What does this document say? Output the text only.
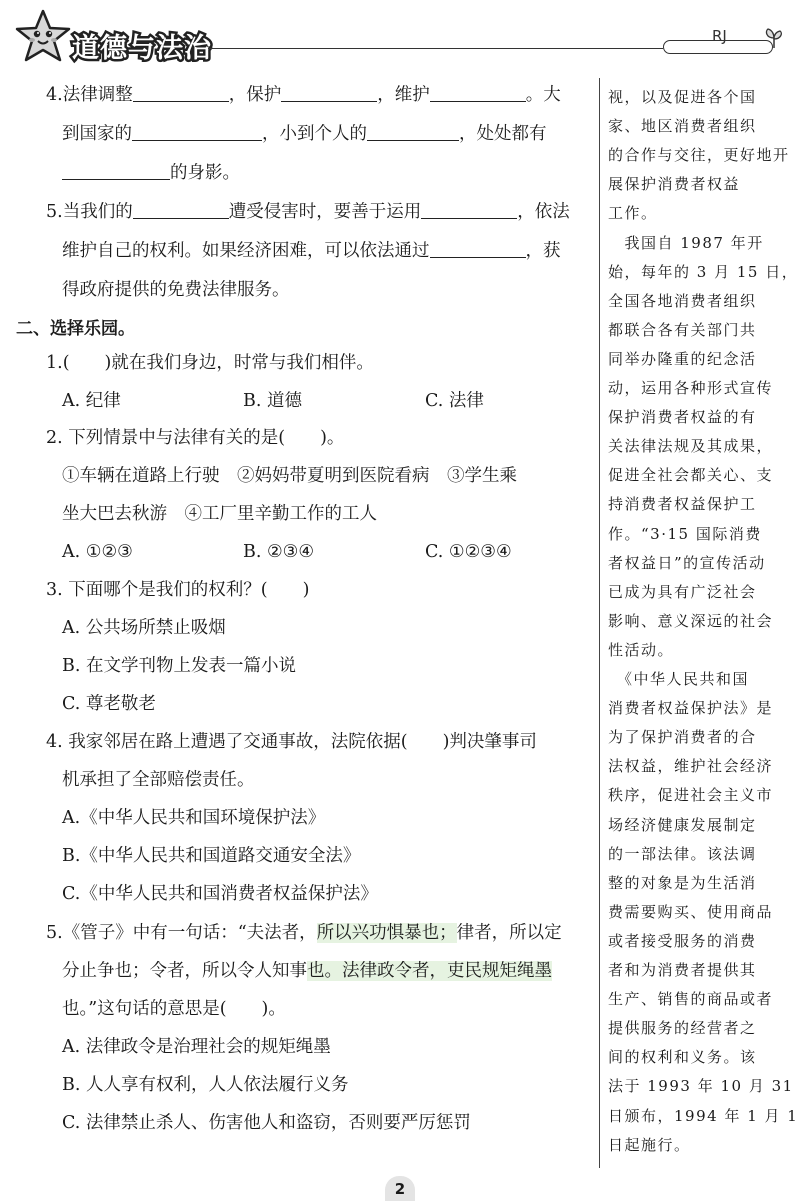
道德与法治	RJ
4.法律调整	，保护	，维护	。大
到国家的	，小到个人的	，处处都有
的身影。
5.当我们的	遭受侵害时，要善于运用	，依法
维护自己的权利。如果经济困难，可以依法通过	，获
得政府提供的免费法律服务。
二、选择乐园。
1.(　　)就在我们身边，时常与我们相伴。
A. 纪律	B. 道德	C. 法律
2. 下列情景中与法律有关的是(　　)。
①车辆在道路上行驶　②妈妈带夏明到医院看病　③学生乘
坐大巴去秋游　④工厂里辛勤工作的工人
A. ①②③	B. ②③④	C. ①②③④
3. 下面哪个是我们的权利？(　　)
A. 公共场所禁止吸烟
B. 在文学刊物上发表一篇小说
C. 尊老敬老
4. 我家邻居在路上遭遇了交通事故，法院依据(　　)判决肇事司
机承担了全部赔偿责任。
A.《中华人民共和国环境保护法》
B.《中华人民共和国道路交通安全法》
C.《中华人民共和国消费者权益保护法》
5.《管子》中有一句话：“夫法者，所以兴功惧暴也；律者，所以定
分止争也；令者，所以令人知事也。法律政令者，吏民规矩绳墨
也。”这句话的意思是(　　)。
A. 法律政令是治理社会的规矩绳墨
B. 人人享有权利，人人依法履行义务
C. 法律禁止杀人、伤害他人和盗窃，否则要严厉惩罚
视，以及促进各个国
家、地区消费者组织
的合作与交往，更好地开
展保护消费者权益
工作。
　我国自 1987 年开
始，每年的 3 月 15 日，
全国各地消费者组织
都联合各有关部门共
同举办隆重的纪念活
动，运用各种形式宣传
保护消费者权益的有
关法律法规及其成果，
促进全社会都关心、支
持消费者权益保护工
作。“3·15 国际消费
者权益日”的宣传活动
已成为具有广泛社会
影响、意义深远的社会
性活动。
　《中华人民共和国
消费者权益保护法》是
为了保护消费者的合
法权益，维护社会经济
秩序，促进社会主义市
场经济健康发展制定
的一部法律。该法调
整的对象是为生活消
费需要购买、使用商品
或者接受服务的消费
者和为消费者提供其
生产、销售的商品或者
提供服务的经营者之
间的权利和义务。该
法于 1993 年 10 月 31
日颁布，1994 年 1 月 1
日起施行。
2
